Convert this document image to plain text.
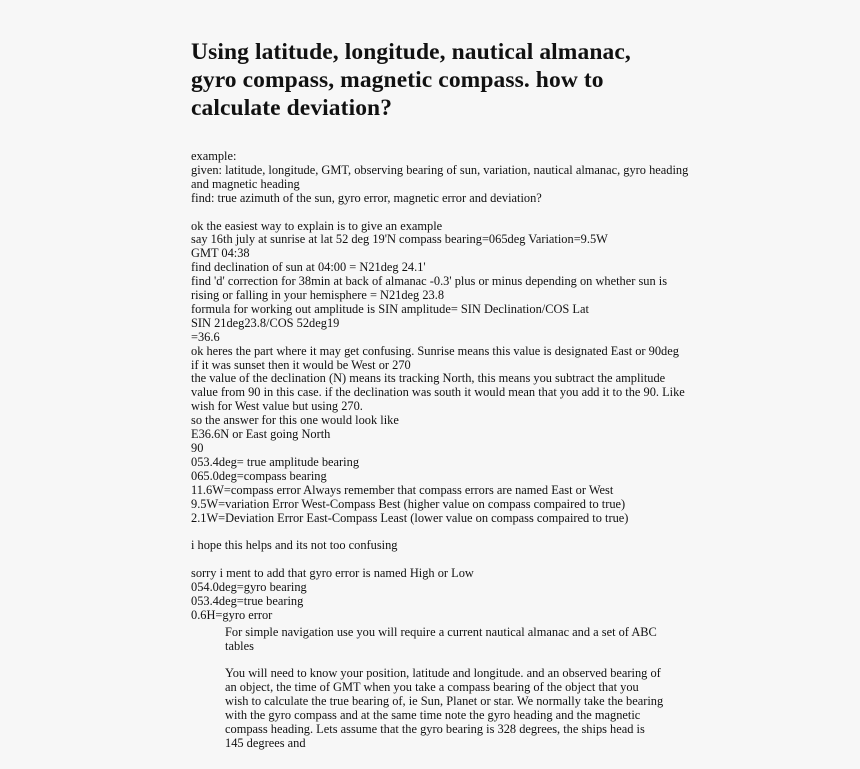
Using latitude, longitude, nautical almanac, gyro compass, magnetic compass. how to calculate deviation?
example:
given: latitude, longitude, GMT, observing bearing of sun, variation, nautical almanac, gyro heading
and magnetic heading
find: true azimuth of the sun, gyro error, magnetic error and deviation?
ok the easiest way to explain is to give an example
say 16th july at sunrise at lat 52 deg 19'N compass bearing=065deg Variation=9.5W
GMT 04:38
find declination of sun at 04:00 = N21deg 24.1'
find 'd' correction for 38min at back of almanac -0.3' plus or minus depending on whether sun is
rising or falling in your hemisphere = N21deg 23.8
formula for working out amplitude is SIN amplitude= SIN Declination/COS Lat
SIN 21deg23.8/COS 52deg19
=36.6
ok heres the part where it may get confusing. Sunrise means this value is designated East or 90deg
if it was sunset then it would be West or 270
the value of the declination (N) means its tracking North, this means you subtract the amplitude
value from 90 in this case. if the declination was south it would mean that you add it to the 90. Like
wish for West value but using 270.
so the answer for this one would look like
E36.6N or East going North
90
053.4deg= true amplitude bearing
065.0deg=compass bearing
11.6W=compass error Always remember that compass errors are named East or West
9.5W=variation Error West-Compass Best (higher value on compass compaired to true)
2.1W=Deviation Error East-Compass Least (lower value on compass compaired to true)
i hope this helps and its not too confusing
sorry i ment to add that gyro error is named High or Low
054.0deg=gyro bearing
053.4deg=true bearing
0.6H=gyro error
For simple navigation use you will require a current nautical almanac and a set of ABC tables
You will need to know your position, latitude and longitude. and an observed bearing of an object, the time of GMT when you take a compass bearing of the object that you wish to calculate the true bearing of, ie Sun, Planet or star. We normally take the bearing with the gyro compass and at the same time note the gyro heading and the magnetic compass heading. Lets assume that the gyro bearing is 328 degrees, the ships head is 145 degrees and
